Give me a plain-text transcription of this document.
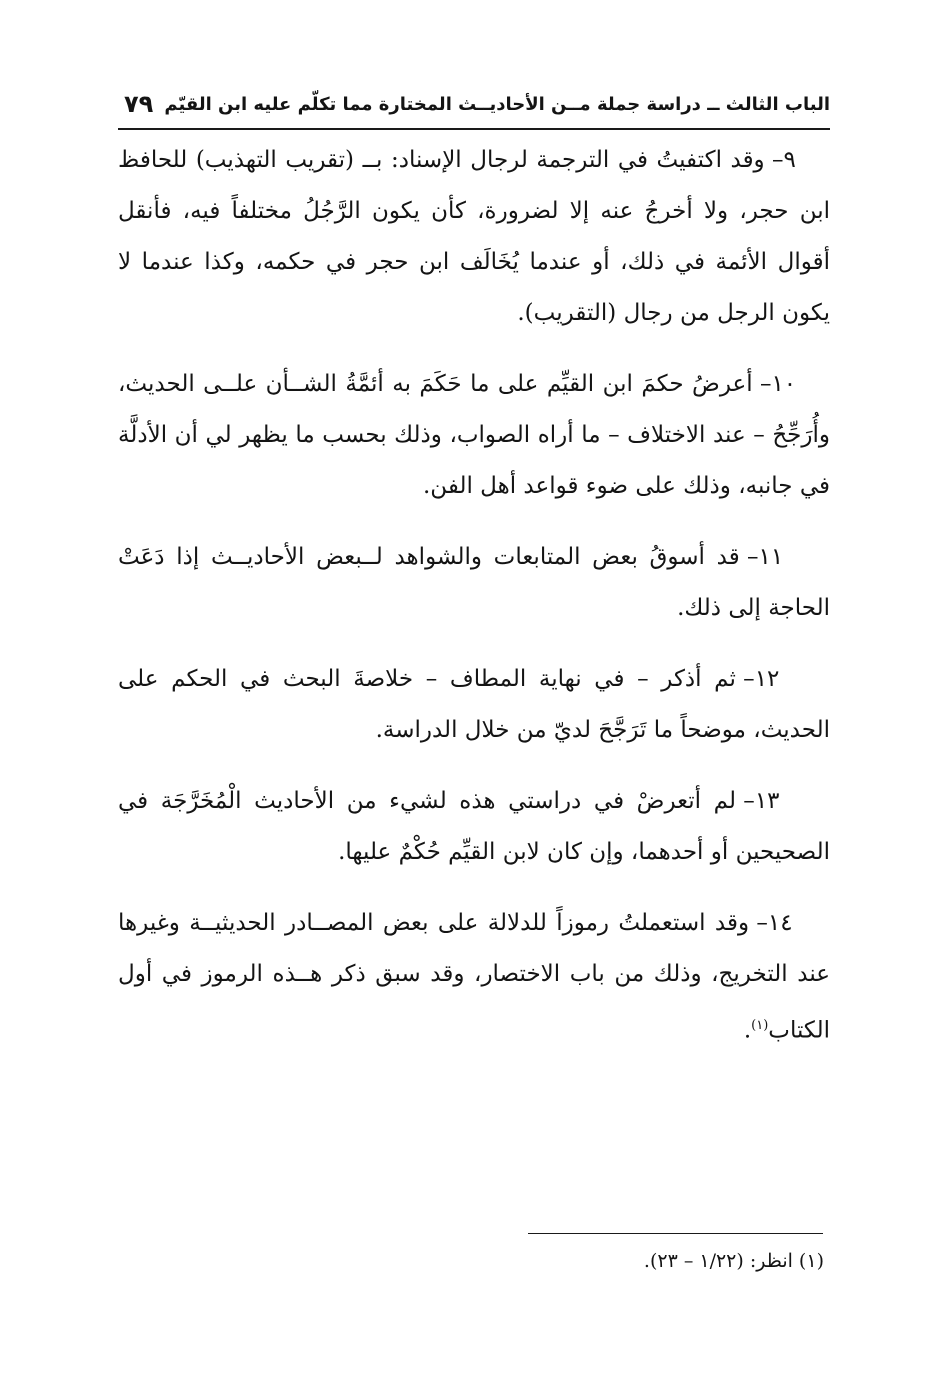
الباب الثالث ــ دراسة جملة مــن الأحاديــث المختارة مما تكلّم عليه ابن القيّم
٧٩

٩– وقد اكتفيتُ في الترجمة لرجال الإسناد: بــ (تقريب التهذيب) للحافظ ابن حجر، ولا أخرجُ عنه إلا لضرورة، كأن يكون الرَّجُلُ مختلفاً فيه، فأنقل أقوال الأئمة في ذلك، أو عندما يُخَالَف ابن حجر في حكمه، وكذا عندما لا يكون الرجل من رجال (التقريب).

١٠– أعرضُ حكمَ ابن القيِّم على ما حَكَمَ به أئمَّةُ الشــأن علــى الحديث، وأُرَجِّحُ – عند الاختلاف – ما أراه الصواب، وذلك بحسب ما يظهر لي أن الأدلَّة في جانبه، وذلك على ضوء قواعد أهل الفن.

١١– قد أسوقُ بعض المتابعات والشواهد لــبعض الأحاديــث إذا دَعَتْ الحاجة إلى ذلك.

١٢– ثم أذكر – في نهاية المطاف – خلاصةَ البحث في الحكم على الحديث، موضحاً ما تَرَجَّحَ لديّ من خلال الدراسة.

١٣– لم أتعرضْ في دراستي هذه لشيء من الأحاديث الْمُخَرَّجَة في الصحيحين أو أحدهما، وإن كان لابن القيِّم حُكْمٌ عليها.

١٤– وقد استعملتُ رموزاً للدلالة على بعض المصــادر الحديثيــة وغيرها عند التخريج، وذلك من باب الاختصار، وقد سبق ذكر هــذه الرموز في أول الكتاب$^{(١)}$.

(١) انظر: (١/٢٢ – ٢٣).
